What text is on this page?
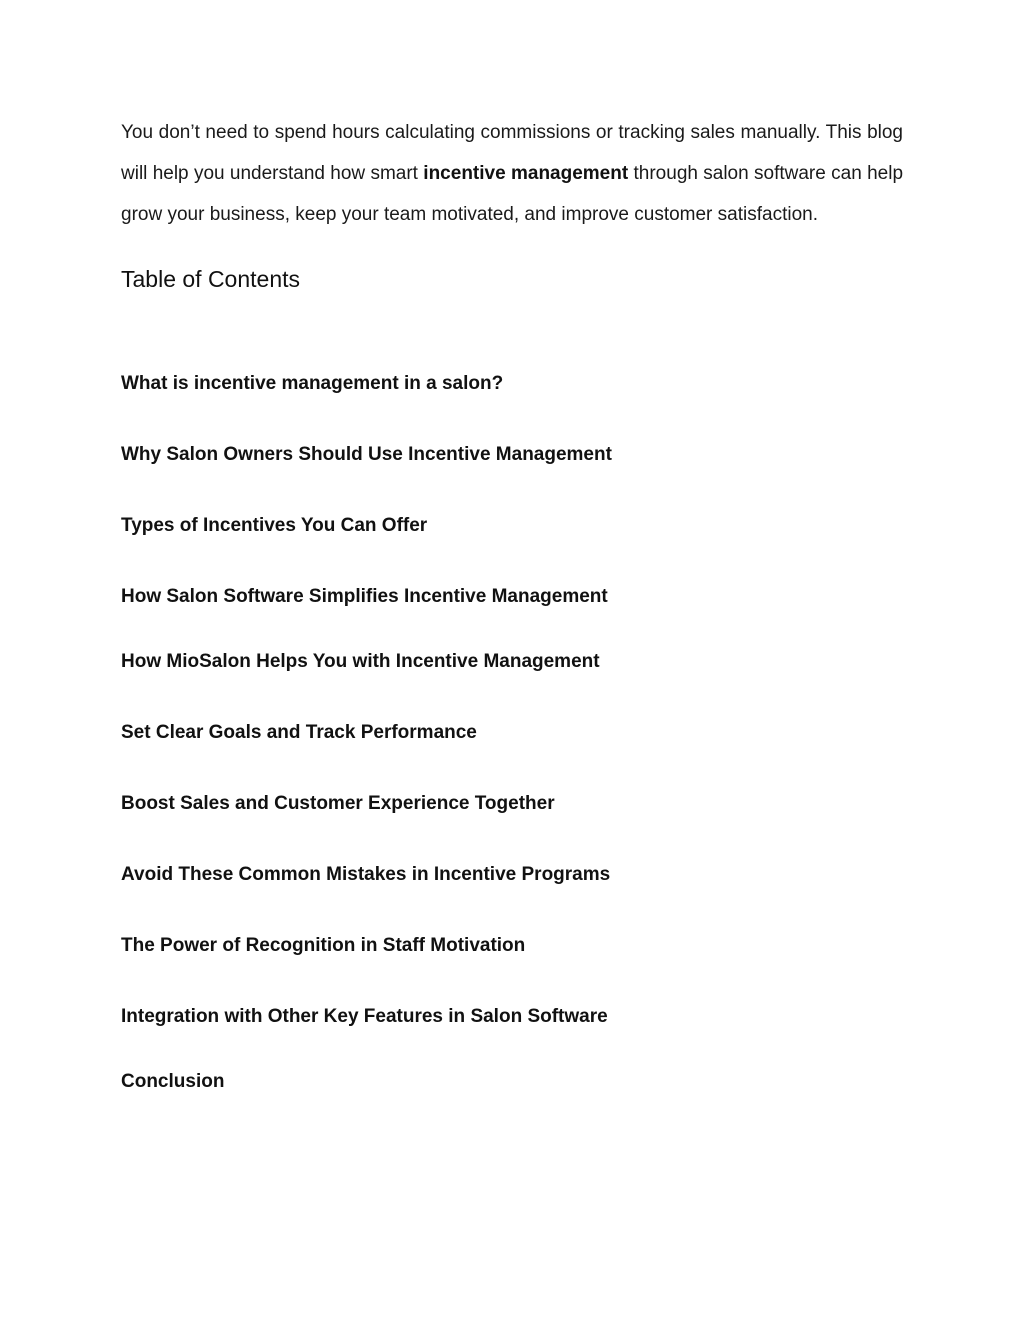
You don’t need to spend hours calculating commissions or tracking sales manually. This blog will help you understand how smart incentive management through salon software can help grow your business, keep your team motivated, and improve customer satisfaction.

Table of Contents
What is incentive management in a salon?
Why Salon Owners Should Use Incentive Management
Types of Incentives You Can Offer
How Salon Software Simplifies Incentive Management
How MioSalon Helps You with Incentive Management
Set Clear Goals and Track Performance
Boost Sales and Customer Experience Together
Avoid These Common Mistakes in Incentive Programs
The Power of Recognition in Staff Motivation
Integration with Other Key Features in Salon Software
Conclusion
